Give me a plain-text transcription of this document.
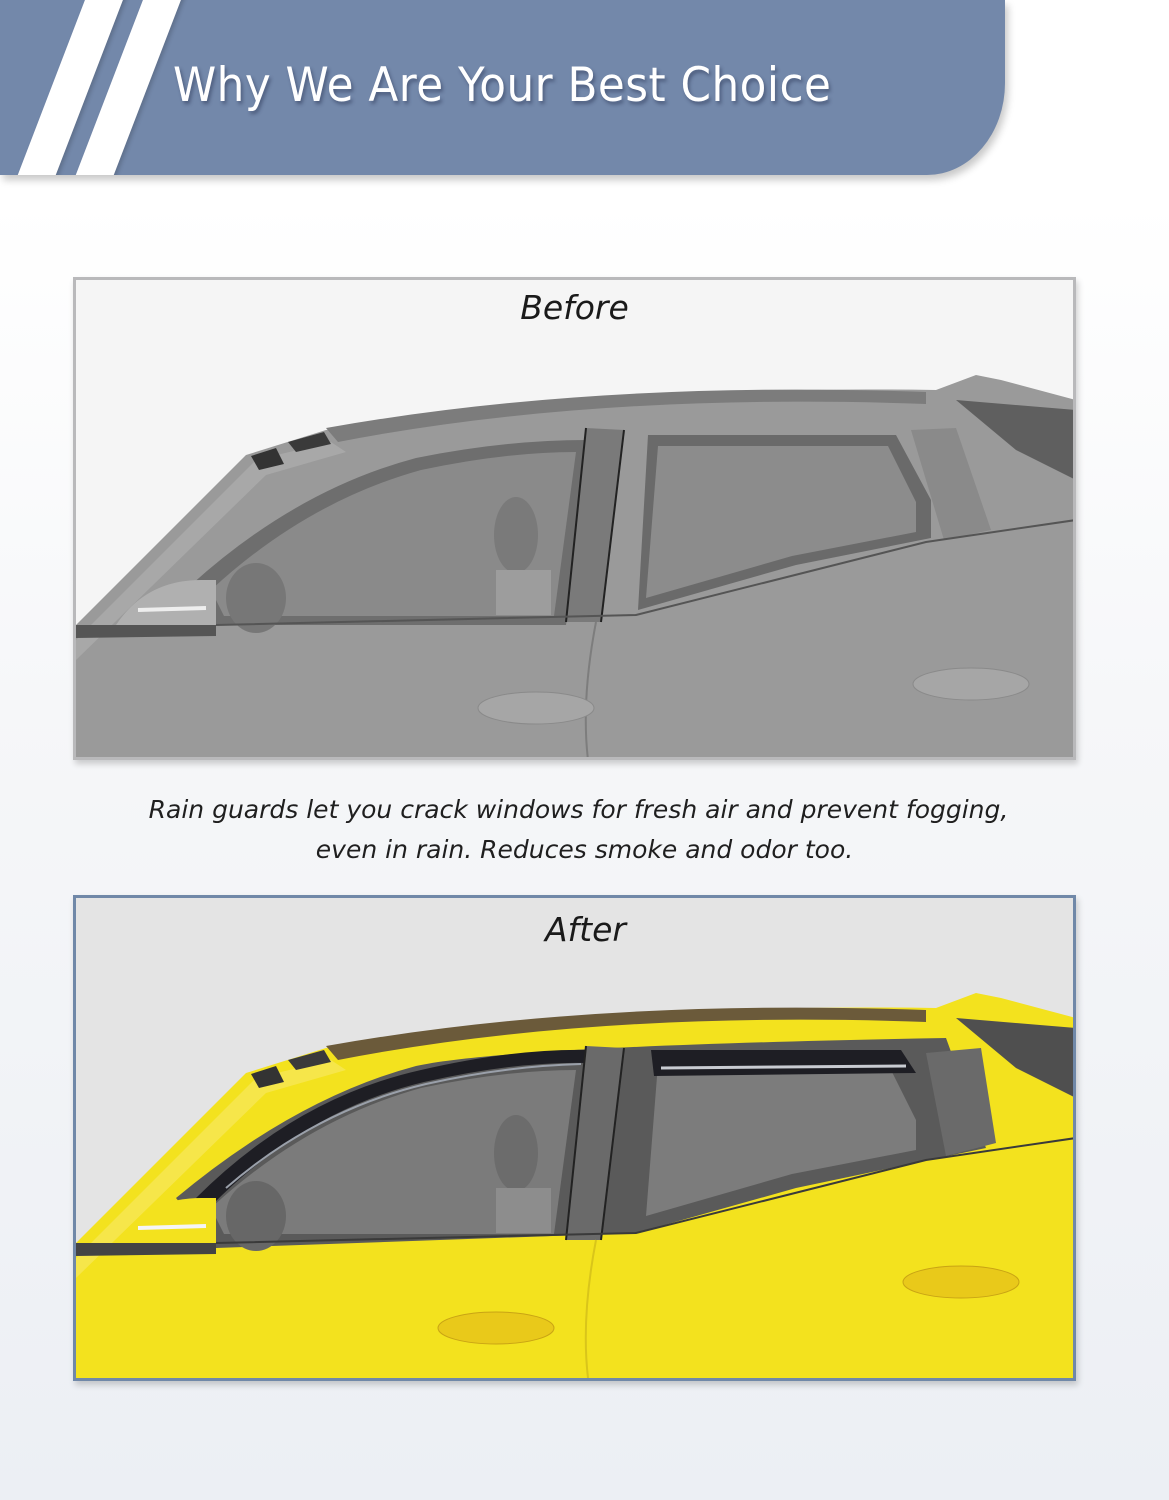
Why We Are Your Best Choice
Before
Rain guards let you crack windows for fresh air and prevent fogging,
even in rain. Reduces smoke and odor too.
After
